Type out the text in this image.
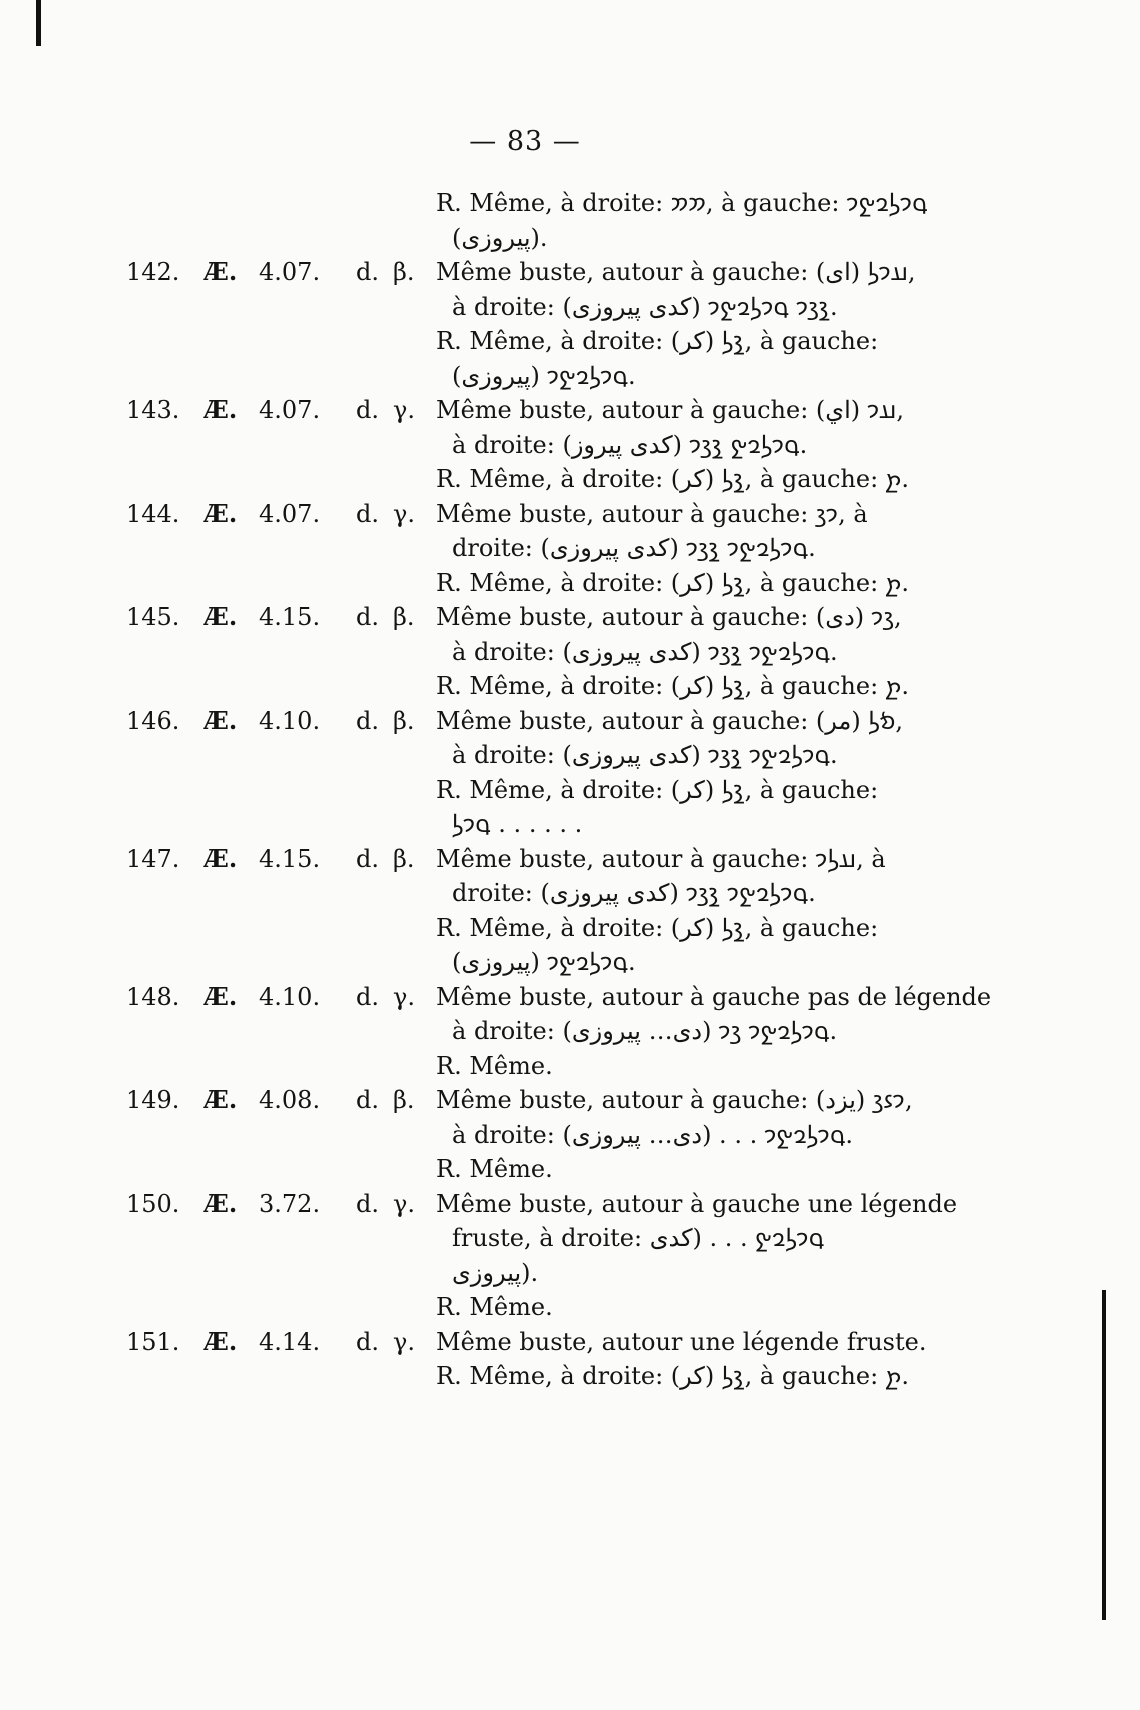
— 83 —
R. Même, à droite: 𐭮𐭮, à gauche: 𐭯𐭩𐭫𐭥𐭰𐭩
(پیروزی).
142. Æ. 4.07. d. β. Même buste, autour à gauche: 𐭠𐭩𐭫 (ای),
à droite: 𐭪𐭣𐭩 𐭯𐭩𐭫𐭥𐭰𐭩 (کدی پیروزی).
R. Même, à droite: 𐭪𐭫 (کر), à gauche:
𐭯𐭩𐭫𐭥𐭰𐭩 (پیروزی).
143. Æ. 4.07. d. γ. Même buste, autour à gauche: 𐭠𐭩 (اي),
à droite: 𐭯𐭩𐭫𐭥𐭰 𐭪𐭣𐭩 (کدی پیروز).
R. Même, à droite: 𐭪𐭫 (کر), à gauche: 𐭲.
144. Æ. 4.07. d. γ. Même buste, autour à gauche: 𐭩𐭣, à
droite: 𐭯𐭩𐭫𐭥𐭰𐭩 𐭪𐭣𐭩 (کدی پیروزی).
R. Même, à droite: 𐭪𐭫 (کر), à gauche: 𐭲.
145. Æ. 4.15. d. β. Même buste, autour à gauche: 𐭣𐭩 (دی),
à droite: 𐭯𐭩𐭫𐭥𐭰𐭩 𐭪𐭣𐭩 (کدی پیروزی).
R. Même, à droite: 𐭪𐭫 (کر), à gauche: 𐭲.
146. Æ. 4.10. d. β. Même buste, autour à gauche: 𐭬𐭫 (مر),
à droite: 𐭯𐭩𐭫𐭥𐭰𐭩 𐭪𐭣𐭩 (کدی پیروزی).
R. Même, à droite: 𐭪𐭫 (کر), à gauche:
𐭯𐭩𐭫 . . . . . .
147. Æ. 4.15. d. β. Même buste, autour à gauche: 𐭠𐭫𐭩, à
droite: 𐭯𐭩𐭫𐭥𐭰𐭩 𐭪𐭣𐭩 (کدی پیروزی).
R. Même, à droite: 𐭪𐭫 (کر), à gauche:
𐭯𐭩𐭫𐭥𐭰𐭩 (پیروزی).
148. Æ. 4.10. d. γ. Même buste, autour à gauche pas de légende
à droite: 𐭯𐭩𐭫𐭥𐭰𐭩 𐭣𐭩 (دی… پیروزی).
R. Même.
149. Æ. 4.08. d. β. Même buste, autour à gauche: 𐭩𐭦𐭣 (یزد),
à droite: 𐭯𐭩𐭫𐭥𐭰𐭩 . . . (دی… پیروزی).
R. Même.
150. Æ. 3.72. d. γ. Même buste, autour à gauche une légende
fruste, à droite: 𐭯𐭩𐭫𐭥𐭰 . . . (کدی
پیروزی).
R. Même.
151. Æ. 4.14. d. γ. Même buste, autour une légende fruste.
R. Même, à droite: 𐭪𐭫 (کر), à gauche: 𐭲.
